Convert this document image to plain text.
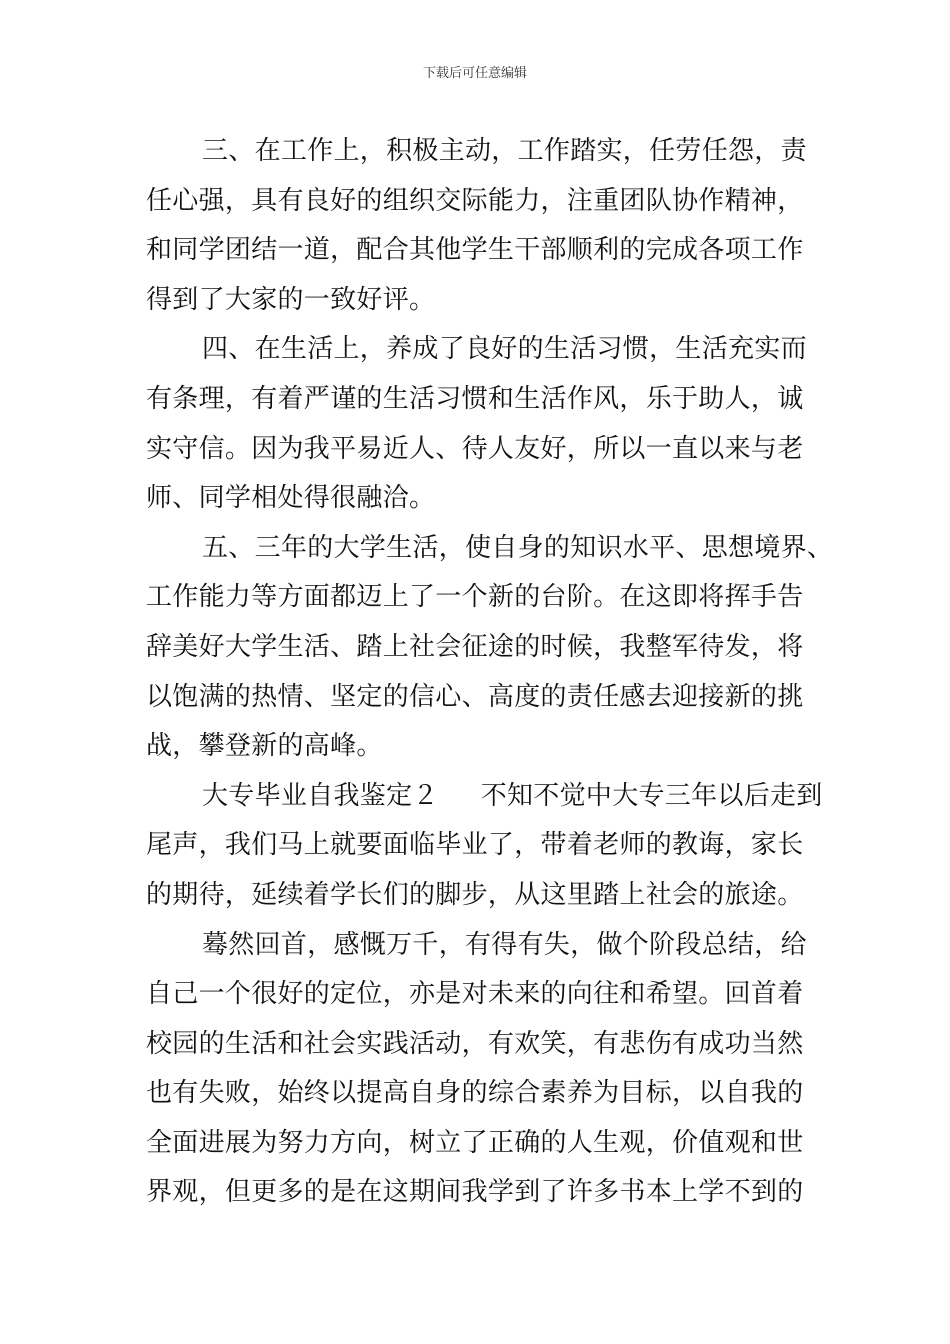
下载后可任意编辑
三、在工作上，积极主动，工作踏实，任劳任怨，责
任心强，具有良好的组织交际能力，注重团队协作精神，
和同学团结一道，配合其他学生干部顺利的完成各项工作
得到了大家的一致好评。
四、在生活上，养成了良好的生活习惯，生活充实而
有条理，有着严谨的生活习惯和生活作风，乐于助人，诚
实守信。因为我平易近人、待人友好，所以一直以来与老
师、同学相处得很融洽。
五、三年的大学生活，使自身的知识水平、思想境界、
工作能力等方面都迈上了一个新的台阶。在这即将挥手告
辞美好大学生活、踏上社会征途的时候，我整军待发，将
以饱满的热情、坚定的信心、高度的责任感去迎接新的挑
战，攀登新的高峰。
大专毕业自我鉴定２ 不知不觉中大专三年以后走到
尾声，我们马上就要面临毕业了，带着老师的教诲，家长
的期待，延续着学长们的脚步，从这里踏上社会的旅途。
蓦然回首，感慨万千，有得有失，做个阶段总结，给
自己一个很好的定位，亦是对未来的向往和希望。回首着
校园的生活和社会实践活动，有欢笑，有悲伤有成功当然
也有失败，始终以提高自身的综合素养为目标，以自我的
全面进展为努力方向，树立了正确的人生观，价值观和世
界观，但更多的是在这期间我学到了许多书本上学不到的
